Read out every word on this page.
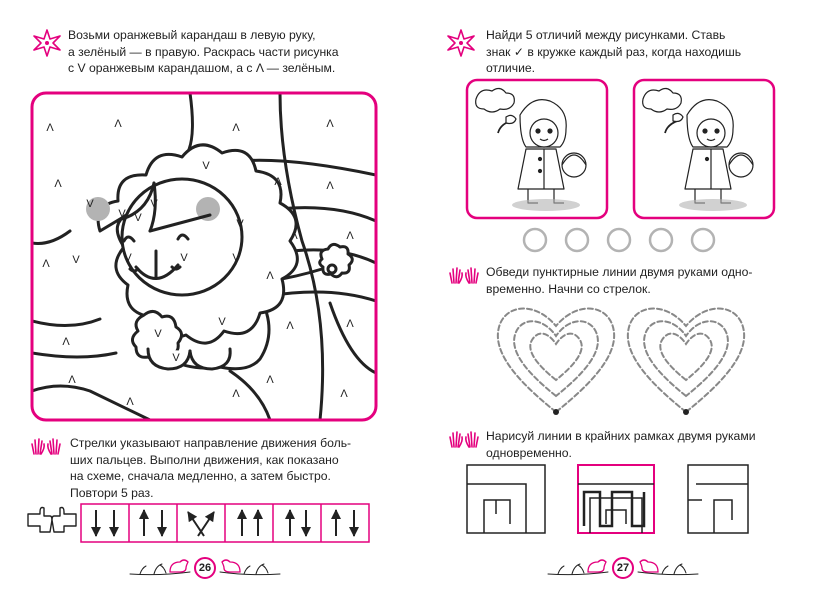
Возьми оранжевый карандаш в левую руку,
а зелёный — в правую. Раскрась части рисунка
с V оранжевым карандашом, а с Λ — зелёным.
Λ	Λ	Λ	Λ
Λ	Λ	Λ
Λ	Λ
Λ
Λ
Λ
Λ	Λ
Λ
Λ
Λ
Λ
Λ
V V
V	V	V	V
V
V
V
V
V
V
V
Стрелки указывают направление движения боль-
ших пальцев. Выполни движения, как показано
на схеме, сначала медленно, а затем быстро.
Повтори 5 раз.
26
Найди 5 отличий между рисунками. Ставь
знак ✓ в кружке каждый раз, когда находишь
отличие.
Обведи пунктирные линии двумя руками одно-
временно. Начни со стрелок.
Нарисуй линии в крайних рамках двумя руками
одновременно.
27
